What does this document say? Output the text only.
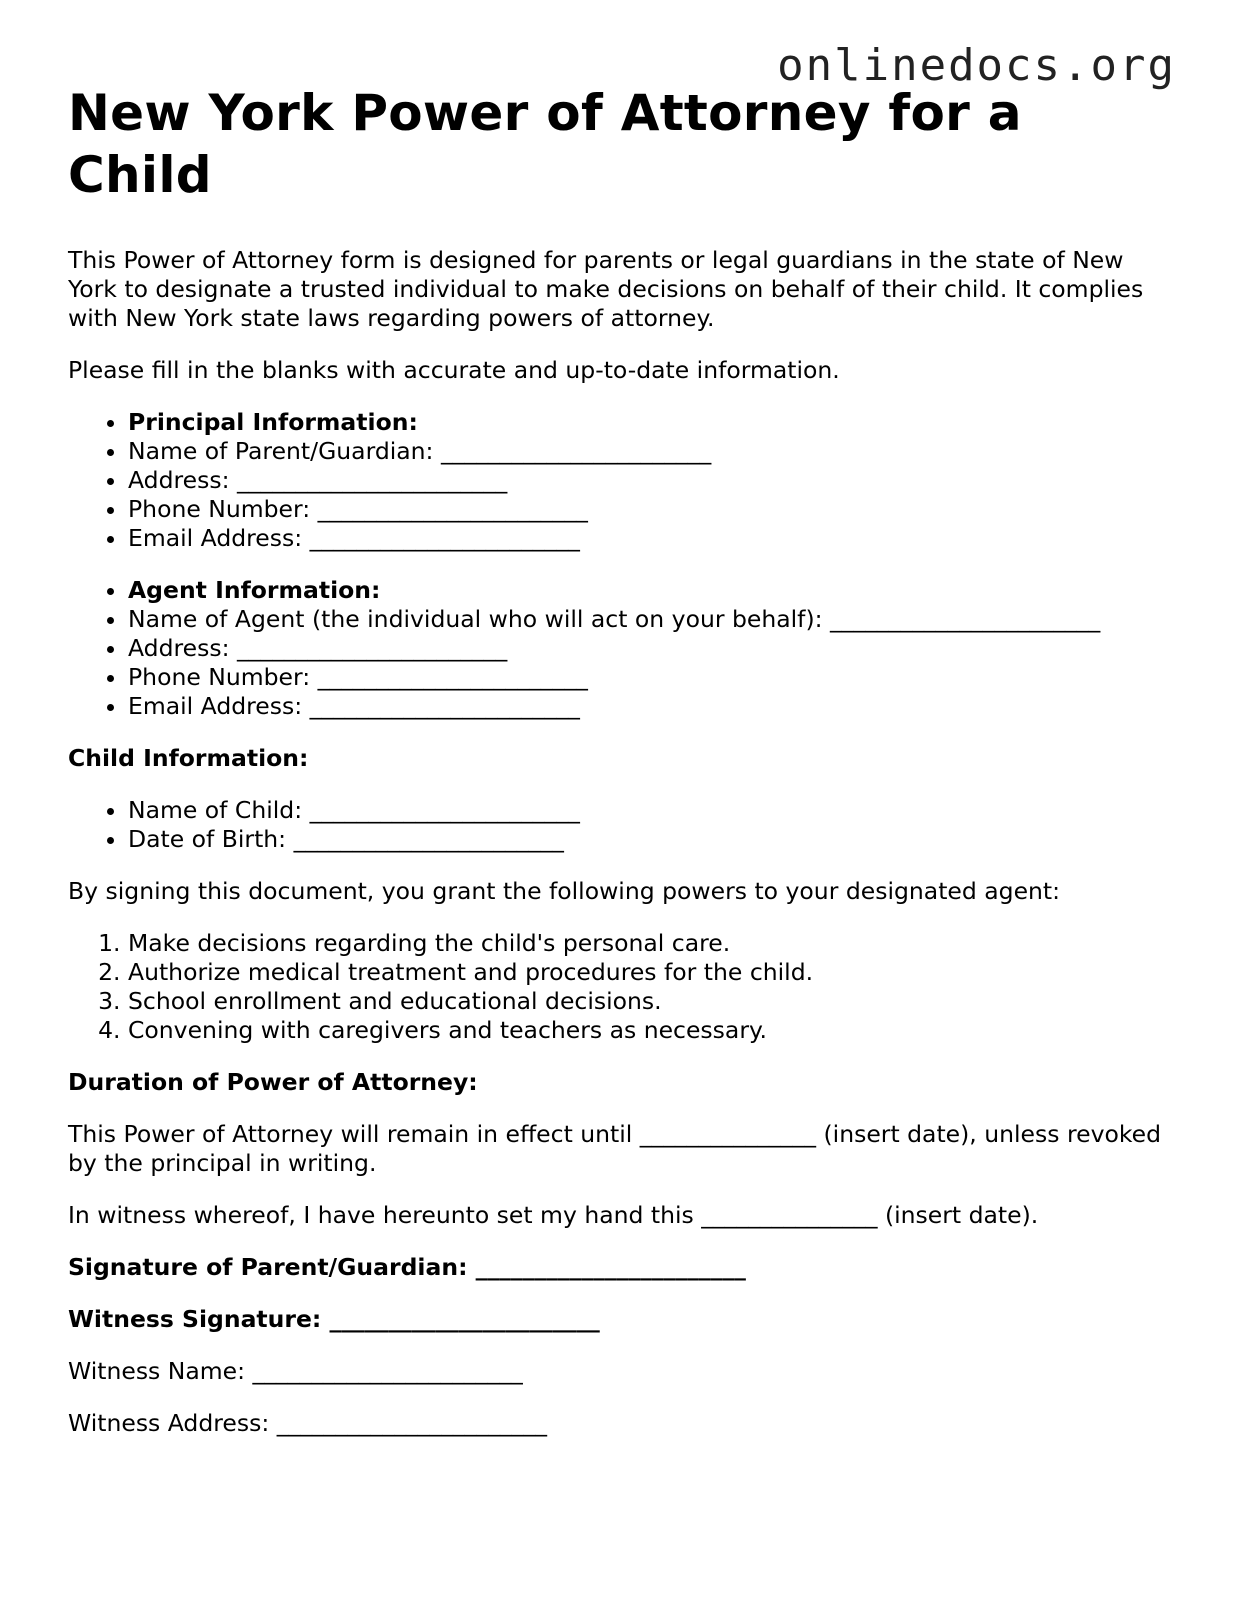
onlinedocs.org
New York Power of Attorney for a Child

This Power of Attorney form is designed for parents or legal guardians in the state of New York to designate a trusted individual to make decisions on behalf of their child. It complies with New York state laws regarding powers of attorney.

Please fill in the blanks with accurate and up-to-date information.

• Principal Information:
• Name of Parent/Guardian: _______________________
• Address: _______________________
• Phone Number: _______________________
• Email Address: _______________________
• Agent Information:
• Name of Agent (the individual who will act on your behalf): _______________________
• Address: _______________________
• Phone Number: _______________________
• Email Address: _______________________

Child Information:

• Name of Child: _______________________
• Date of Birth: _______________________

By signing this document, you grant the following powers to your designated agent:

1. Make decisions regarding the child's personal care.
2. Authorize medical treatment and procedures for the child.
3. School enrollment and educational decisions.
4. Convening with caregivers and teachers as necessary.

Duration of Power of Attorney:

This Power of Attorney will remain in effect until _______________ (insert date), unless revoked by the principal in writing.

In witness whereof, I have hereunto set my hand this _______________ (insert date).

Signature of Parent/Guardian: _______________________

Witness Signature: _______________________

Witness Name: _______________________

Witness Address: _______________________
